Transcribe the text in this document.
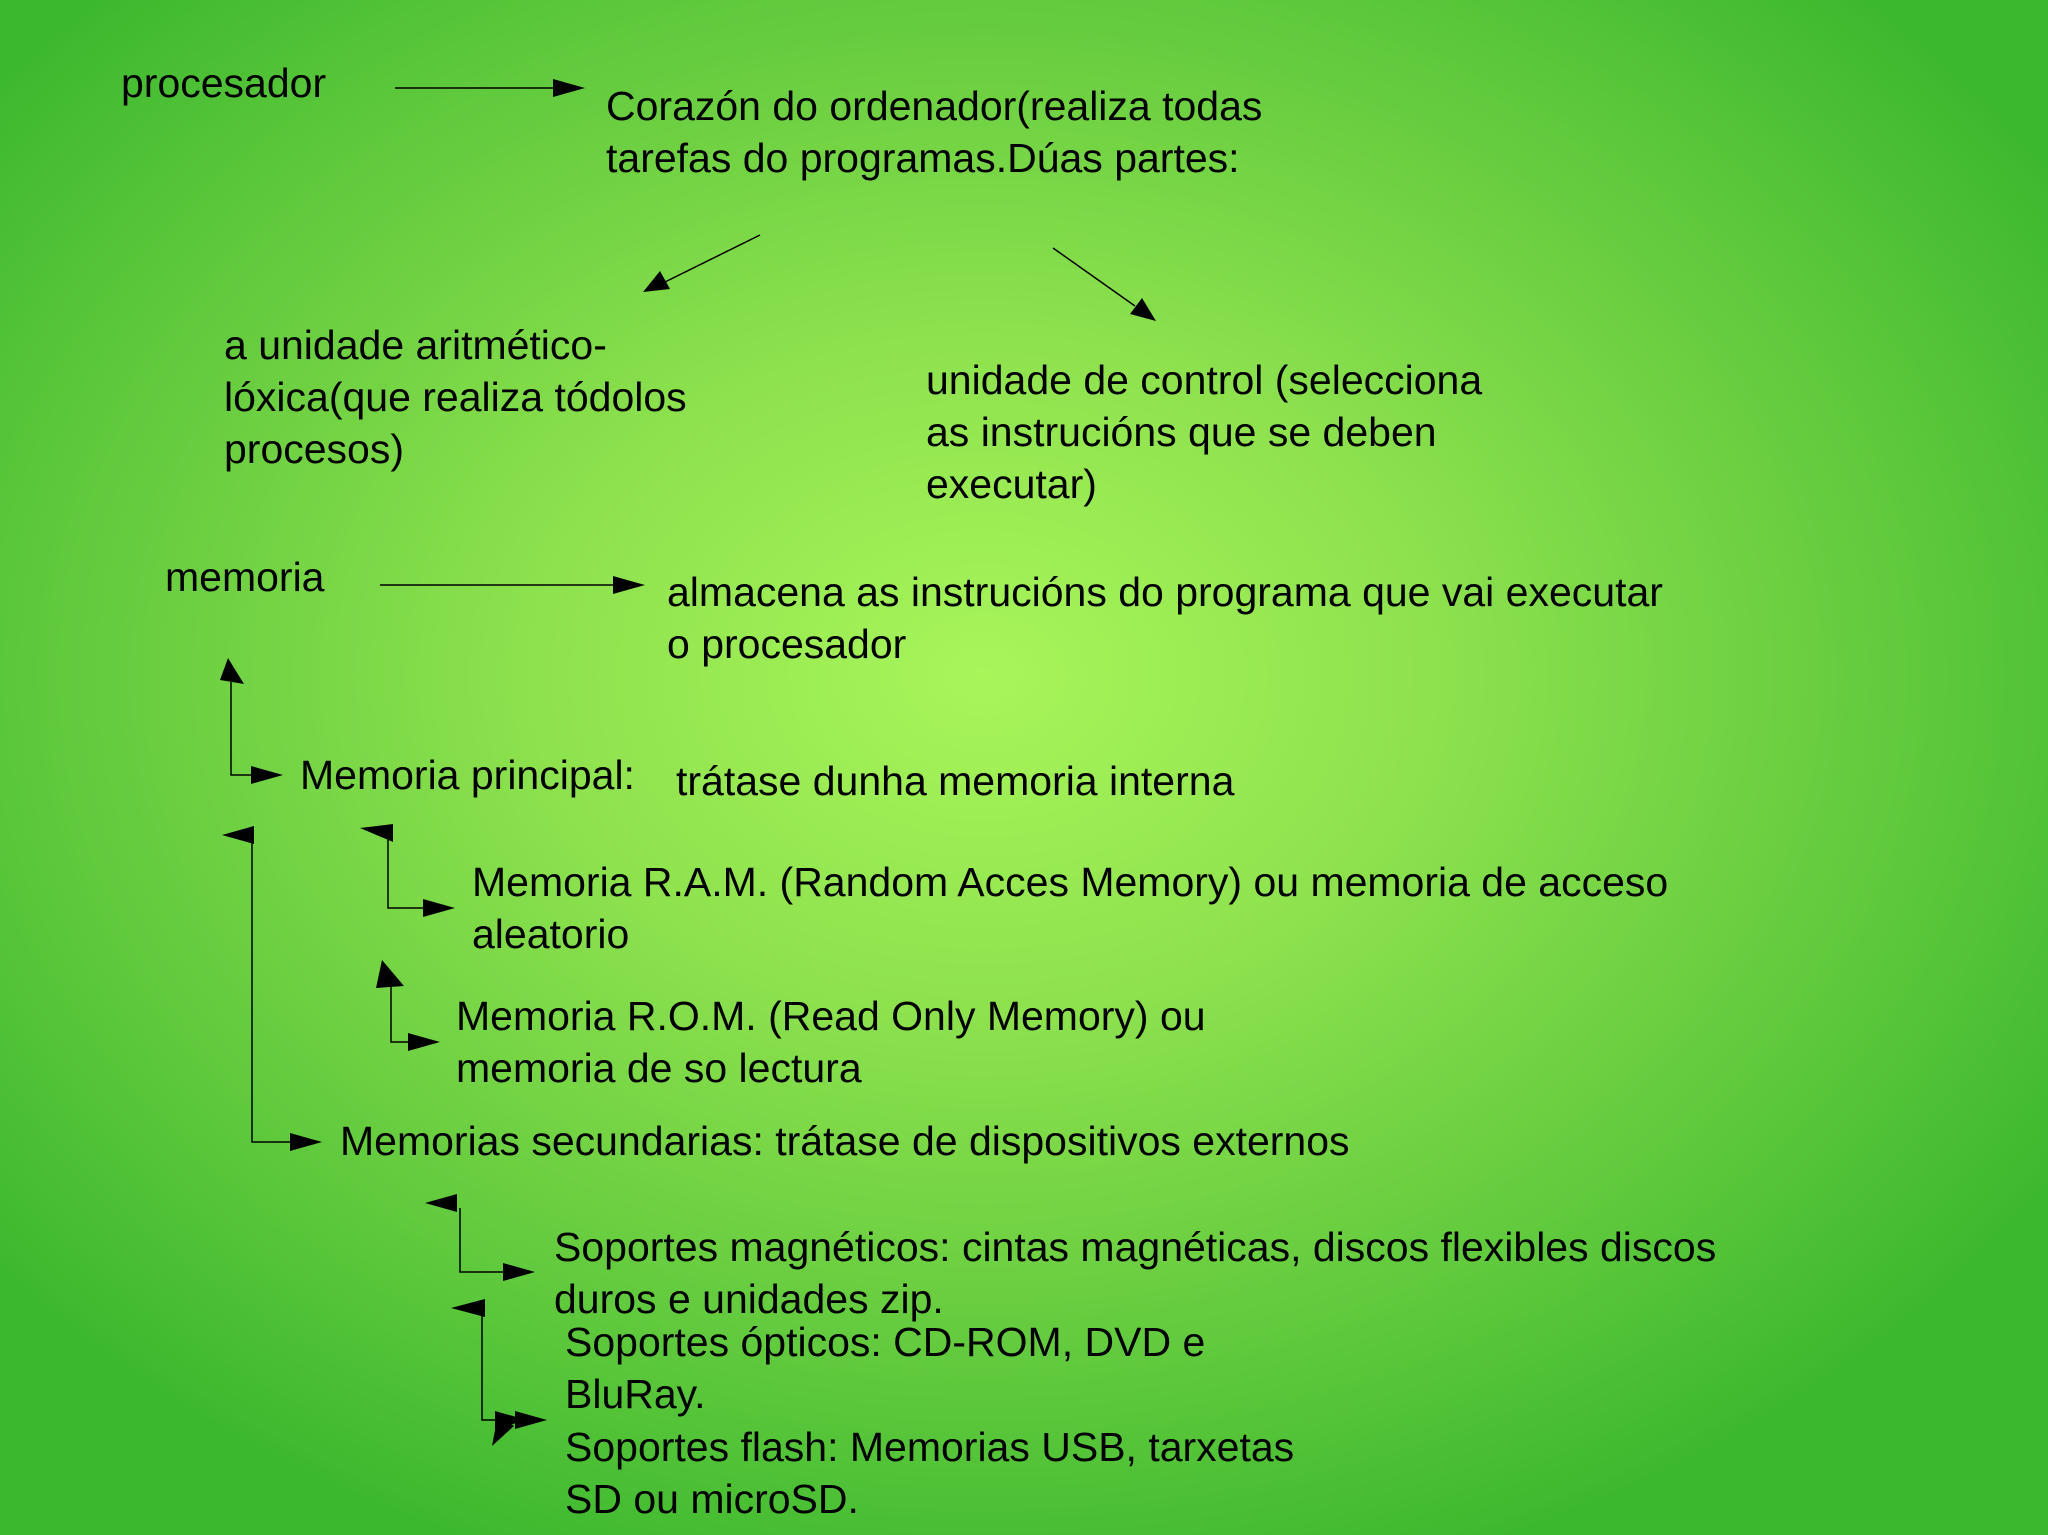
procesador	Corazón do ordenador(realiza todas
tarefas do programas.Dúas partes:

a unidade aritmético-
lóxica(que realiza tódolos
procesos)

unidade de control (selecciona
as instrucións que se deben
executar)

memoria	almacena as instrucións do programa que vai executar
o procesador

Memoria principal: trátase dunha memoria interna

Memoria R.A.M. (Random Acces Memory) ou memoria de acceso
aleatorio

Memoria R.O.M. (Read Only Memory) ou
memoria de so lectura

Memorias secundarias: trátase de dispositivos externos

Soportes magnéticos: cintas magnéticas, discos flexibles discos
duros e unidades zip.

Soportes ópticos: CD-ROM, DVD e
BluRay.

Soportes flash: Memorias USB, tarxetas
SD ou microSD.
